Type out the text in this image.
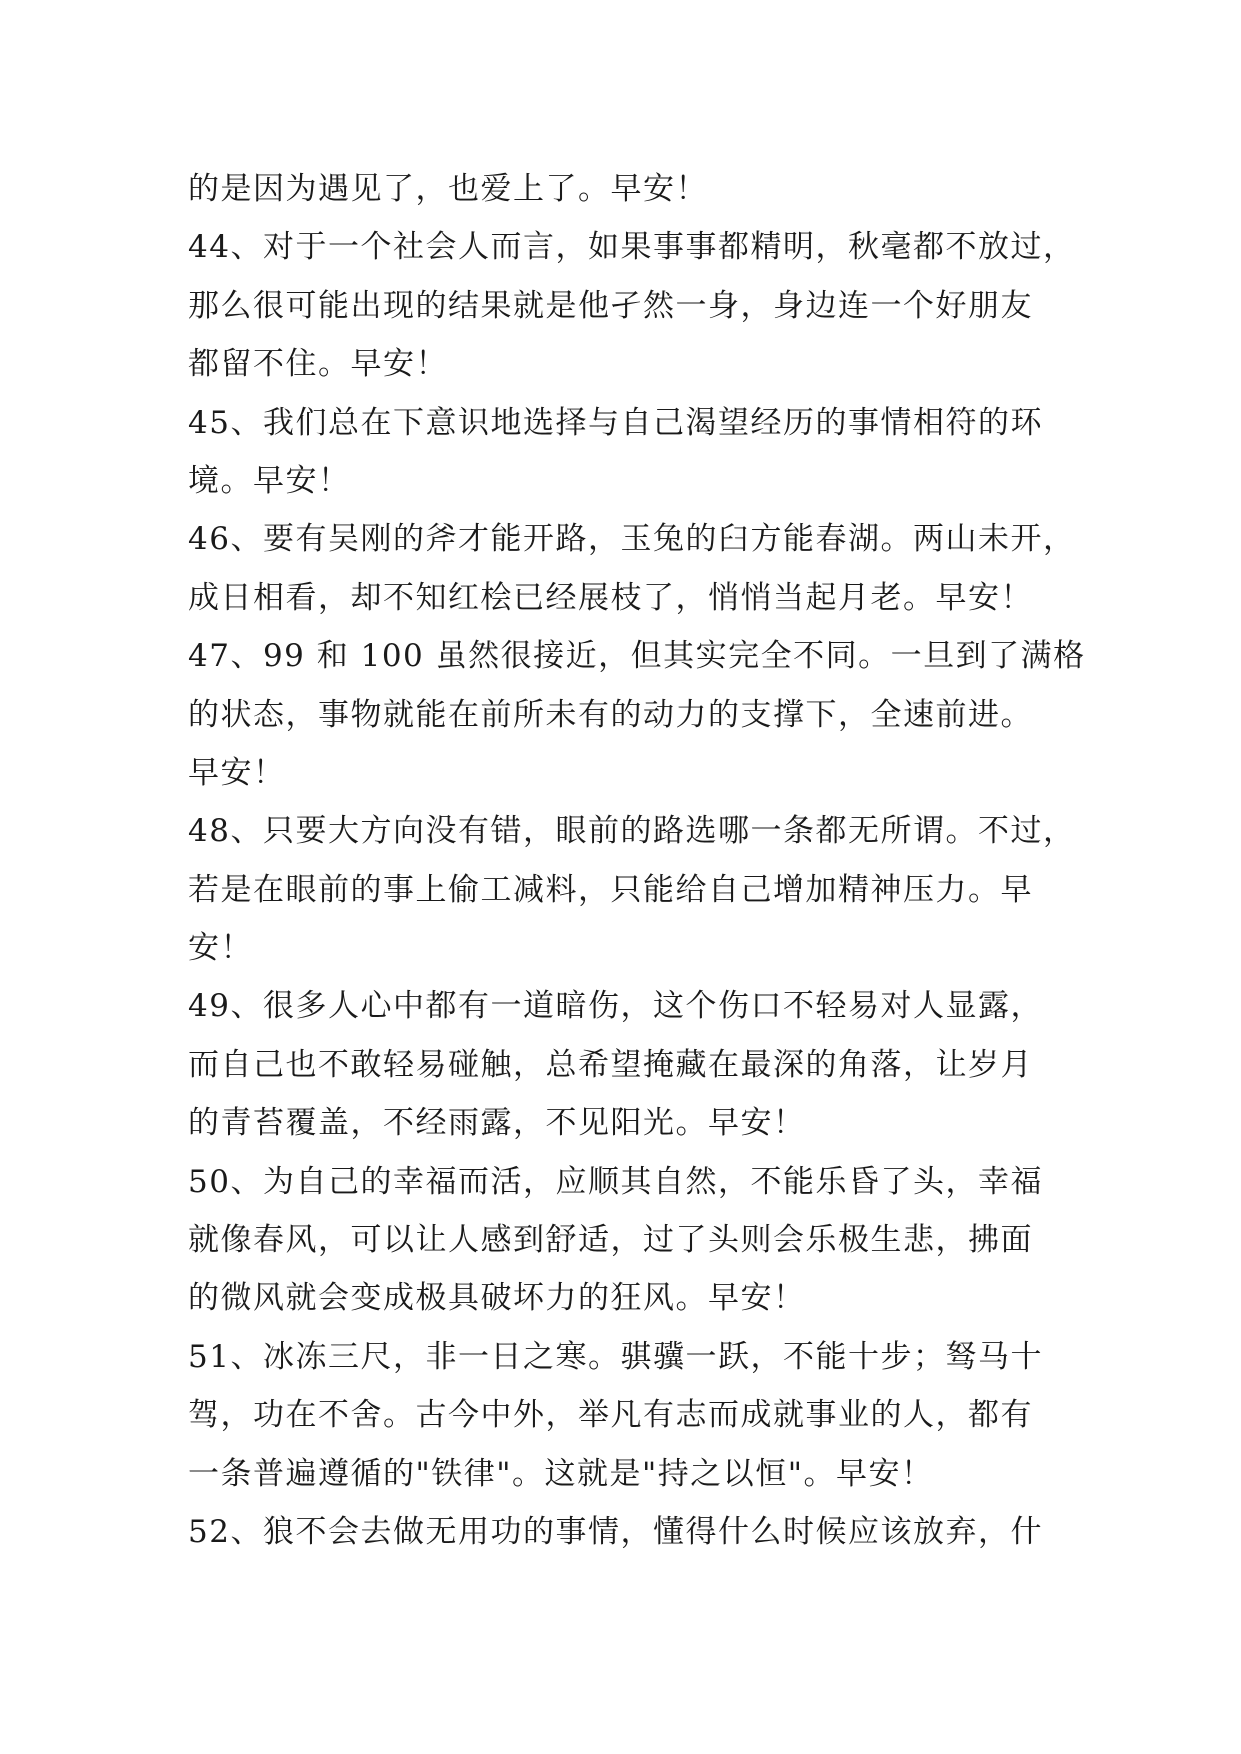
的是因为遇见了，也爱上了。早安！
44、对于一个社会人而言，如果事事都精明，秋毫都不放过，
那么很可能出现的结果就是他孑然一身，身边连一个好朋友
都留不住。早安！
45、我们总在下意识地选择与自己渴望经历的事情相符的环
境。早安！
46、要有吴刚的斧才能开路，玉兔的臼方能春湖。两山未开，
成日相看，却不知红桧已经展枝了，悄悄当起月老。早安！
47、99 和 100 虽然很接近，但其实完全不同。一旦到了满格
的状态，事物就能在前所未有的动力的支撑下，全速前进。
早安！
48、只要大方向没有错，眼前的路选哪一条都无所谓。不过，
若是在眼前的事上偷工减料，只能给自己增加精神压力。早
安！
49、很多人心中都有一道暗伤，这个伤口不轻易对人显露，
而自己也不敢轻易碰触，总希望掩藏在最深的角落，让岁月
的青苔覆盖，不经雨露，不见阳光。早安！
50、为自己的幸福而活，应顺其自然，不能乐昏了头，幸福
就像春风，可以让人感到舒适，过了头则会乐极生悲，拂面
的微风就会变成极具破坏力的狂风。早安！
51、冰冻三尺，非一日之寒。骐骥一跃，不能十步；驽马十
驾，功在不舍。古今中外，举凡有志而成就事业的人，都有
一条普遍遵循的"铁律"。这就是"持之以恒"。早安！
52、狼不会去做无用功的事情，懂得什么时候应该放弃，什
